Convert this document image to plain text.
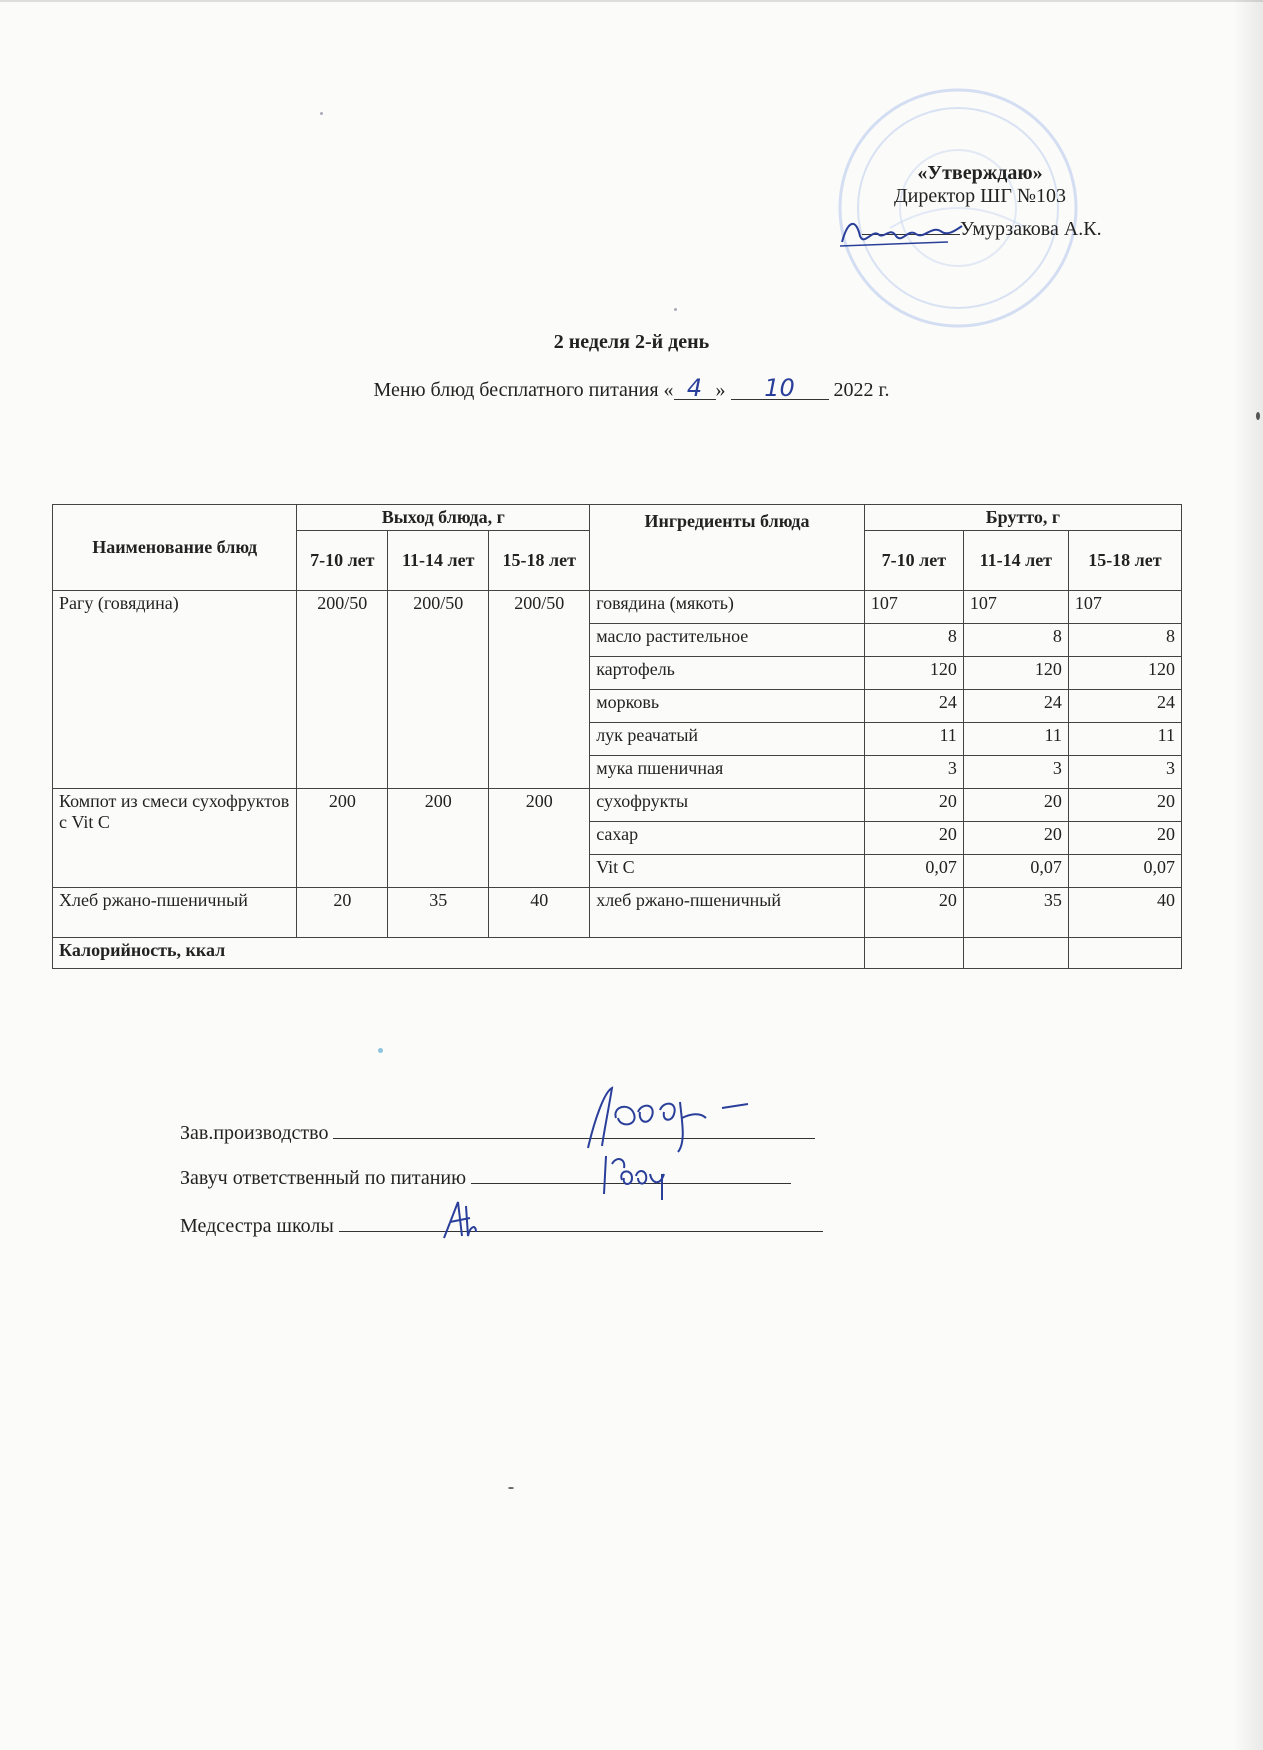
«Утверждаю»
Директор ШГ №103
Умурзакова А.К.
2 неделя 2-й день
Меню блюд бесплатного питания « 4 » 10 2022 г.
Наименование блюд	Выход блюда, г			Ингредиенты блюда	Брутто, г		
	7-10 лет	11-14 лет	15-18 лет		7-10 лет	11-14 лет	15-18 лет
Рагу (говядина)	200/50	200/50	200/50	говядина (мякоть)	107	107	107
				масло растительное	8	8	8
				картофель	120	120	120
				морковь	24	24	24
				лук реачатый	11	11	11
				мука пшеничная	3	3	3
Компот из смеси сухофруктов с Vit C	200	200	200	сухофрукты	20	20	20
				сахар	20	20	20
				Vit C	0,07	0,07	0,07
Хлеб ржано-пшеничный	20	35	40	хлеб ржано-пшеничный	20	35	40
Калорийность, ккал							
Зав.производство
Завуч ответственный по питанию
Медсестра школы
